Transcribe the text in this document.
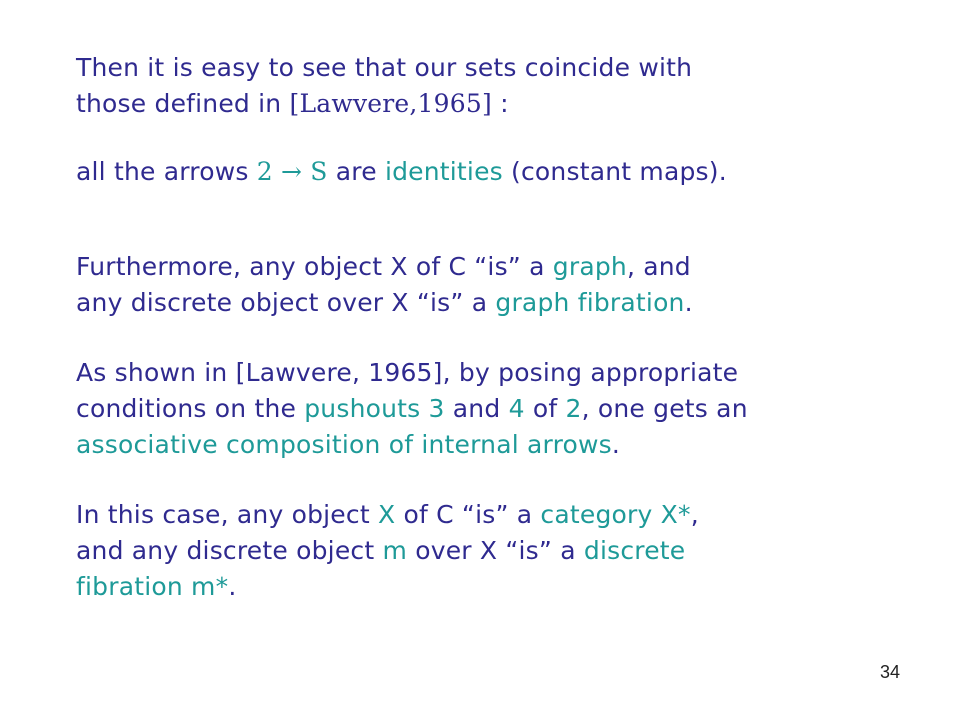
Then it is easy to see that our sets coincide with
those defined in [Lawvere,1965] :

all the arrows 2 → S are identities (constant maps).

Furthermore, any object X of C “is” a graph, and
any discrete object over X “is” a graph fibration.

As shown in [Lawvere, 1965], by posing appropriate
conditions on the pushouts 3 and 4 of 2, one gets an
associative composition of internal arrows.

In this case, any object X of C “is” a category X*,
and any discrete object m over X “is” a discrete
fibration m*.

34
